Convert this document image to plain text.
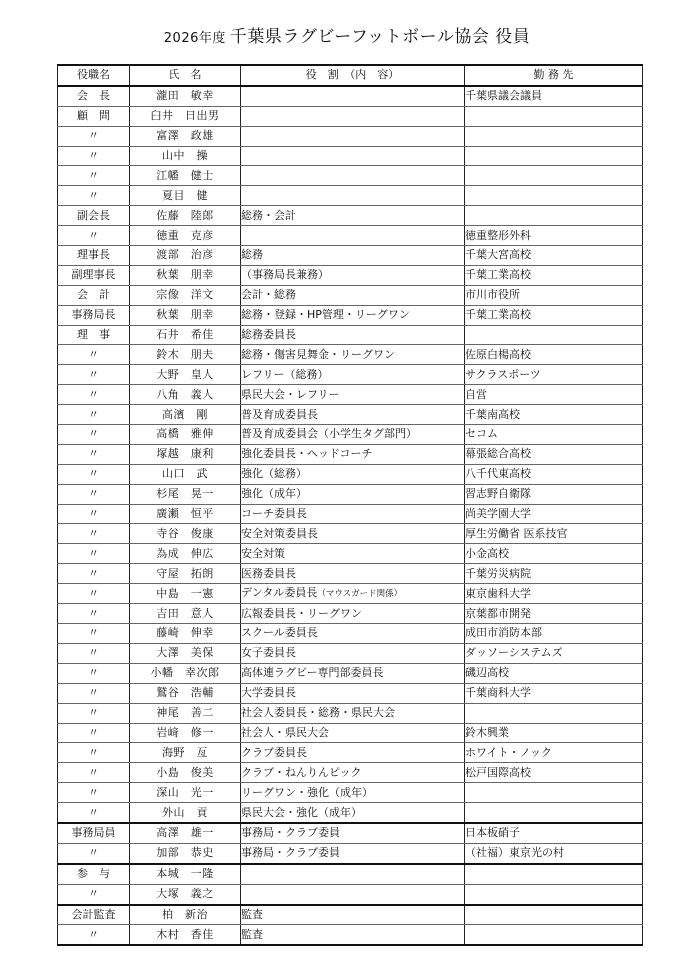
2026年度 千葉県ラグビーフットボール協会 役員
役職名	氏　名	役　割　（内　容）	勤 務 先
会　長	瀧田　敏幸		千葉県議会議員
顧　問	臼井　日出男		
〃	富澤　政雄		
〃	山中　操		
〃	江幡　健士		
〃	夏目　健		
副会長	佐藤　陸郎	総務・会計	
〃	徳重　克彦		徳重整形外科
理事長	渡部　治彦	総務	千葉大宮高校
副理事長	秋葉　朋幸	（事務局長兼務）	千葉工業高校
会　計	宗像　洋文	会計・総務	市川市役所
事務局長	秋葉　朋幸	総務・登録・HP管理・リーグワン	千葉工業高校
理　事	石井　希佳	総務委員長	
〃	鈴木　朋夫	総務・傷害見舞金・リーグワン	佐原白楊高校
〃	大野　皇人	レフリー（総務）	サクラスポーツ
〃	八角　義人	県民大会・レフリー	自営
〃	高濱　剛	普及育成委員長	千葉南高校
〃	高橋　雅伸	普及育成委員会（小学生タグ部門）	セコム
〃	塚越　康利	強化委員長・ヘッドコーチ	幕張総合高校
〃	山口　武	強化（総務）	八千代東高校
〃	杉尾　晃一	強化（成年）	習志野自衛隊
〃	廣瀬　恒平	コーチ委員長	尚美学園大学
〃	寺谷　俊康	安全対策委員長	厚生労働省 医系技官
〃	為成　伸広	安全対策	小金高校
〃	守屋　拓朗	医務委員長	千葉労災病院
〃	中島　一憲	デンタル委員長（マウスガード関係）	東京歯科大学
〃	吉田　意人	広報委員長・リーグワン	京葉都市開発
〃	藤崎　伸幸	スクール委員長	成田市消防本部
〃	大澤　美保	女子委員長	ダッソーシステムズ
〃	小幡　幸次郎	高体連ラグビー専門部委員長	磯辺高校
〃	鷲谷　浩輔	大学委員長	千葉商科大学
〃	神尾　善二	社会人委員長・総務・県民大会	
〃	岩﨑　修一	社会人・県民大会	鈴木興業
〃	海野　亙	クラブ委員長	ホワイト・ノック
〃	小島　俊美	クラブ・ねんりんピック	松戸国際高校
〃	深山　光一	リーグワン・強化（成年）	
〃	外山　貢	県民大会・強化（成年）	
事務局員	高澤　雄一	事務局・クラブ委員	日本板硝子
〃	加部　恭史	事務局・クラブ委員	（社福）東京光の村
参　与	本城　一隆		
〃	大塚　義之		
会計監査	柏　新治	監査	
〃	木村　香佳	監査	
